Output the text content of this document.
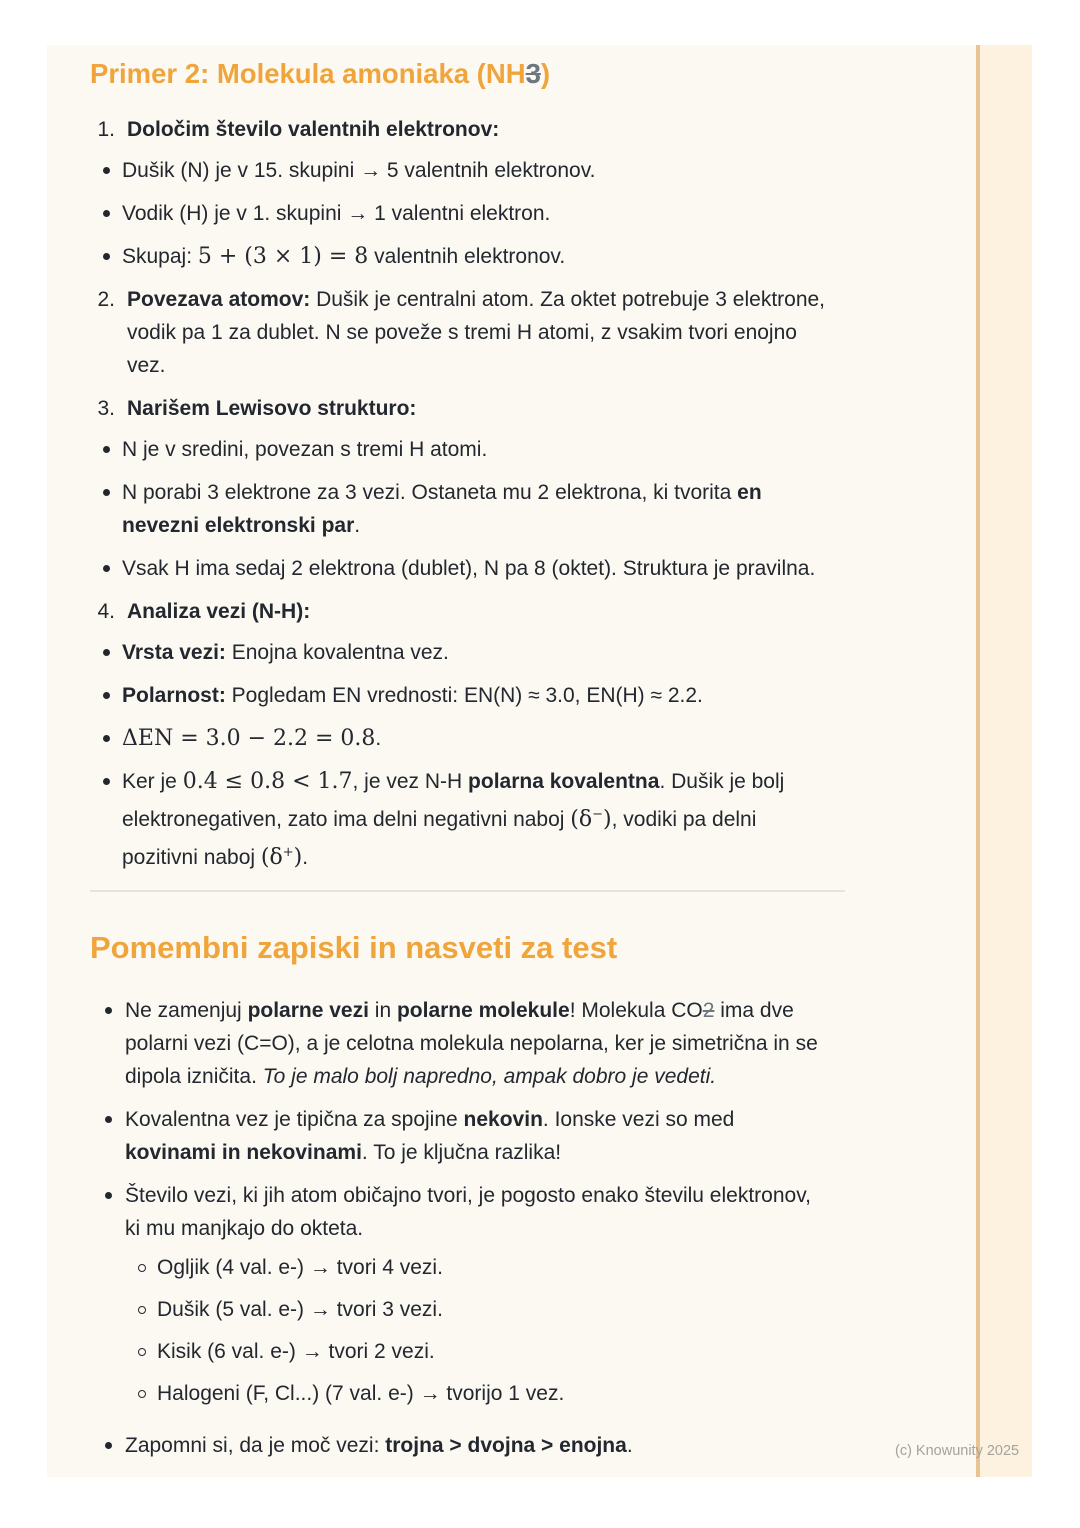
Primer 2: Molekula amoniaka (NH3)
1. Določim število valentnih elektronov:

Dušik (N) je v 15. skupini → 5 valentnih elektronov.

Vodik (H) je v 1. skupini → 1 valentni elektron.

Skupaj: 5 + (3 × 1) = 8 valentnih elektronov.

2. Povezava atomov: Dušik je centralni atom. Za oktet potrebuje 3 elektrone, vodik pa 1 za dublet. N se poveže s tremi H atomi, z vsakim tvori enojno vez.

3. Narišem Lewisovo strukturo:

N je v sredini, povezan s tremi H atomi.

N porabi 3 elektrone za 3 vezi. Ostaneta mu 2 elektrona, ki tvorita en nevezni elektronski par.

Vsak H ima sedaj 2 elektrona (dublet), N pa 8 (oktet). Struktura je pravilna.

4. Analiza vezi (N-H):

Vrsta vezi: Enojna kovalentna vez.

Polarnost: Pogledam EN vrednosti: EN(N) ≈ 3.0, EN(H) ≈ 2.2.

ΔEN = 3.0 − 2.2 = 0.8.

Ker je 0.4 ≤ 0.8 < 1.7, je vez N-H polarna kovalentna. Dušik je bolj elektronegativen, zato ima delni negativni naboj (δ−), vodiki pa delni pozitivni naboj (δ+).

Pomembni zapiski in nasveti za test

Ne zamenjuj polarne vezi in polarne molekule! Molekula CO2 ima dve polarni vezi (C=O), a je celotna molekula nepolarna, ker je simetrična in se dipola izničita. To je malo bolj napredno, ampak dobro je vedeti.

Kovalentna vez je tipična za spojine nekovin. Ionske vezi so med kovinami in nekovinami. To je ključna razlika!

Število vezi, ki jih atom običajno tvori, je pogosto enako številu elektronov, ki mu manjkajo do okteta.

Ogljik (4 val. e-) → tvori 4 vezi.

Dušik (5 val. e-) → tvori 3 vezi.

Kisik (6 val. e-) → tvori 2 vezi.

Halogeni (F, Cl...) (7 val. e-) → tvorijo 1 vez.

Zapomni si, da je moč vezi: trojna > dvojna > enojna.	(c) Knowunity 2025
